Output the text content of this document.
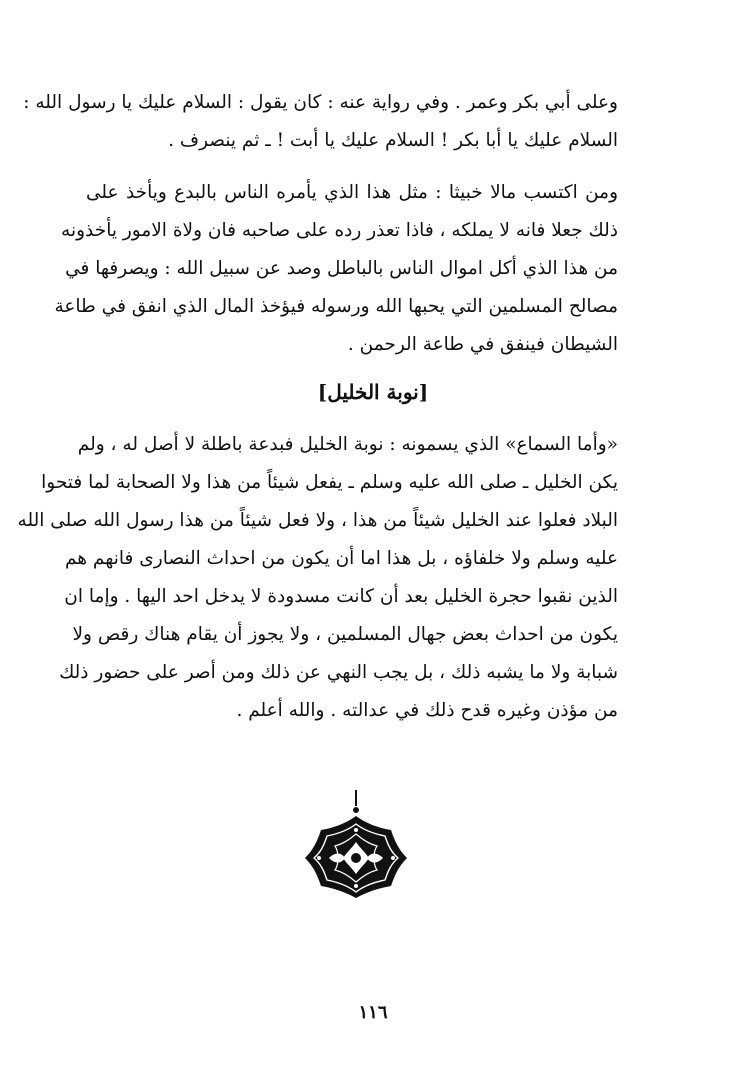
وعلى أبي بكر وعمر . وفي رواية عنه : كان يقول : السلام عليك يا رسول الله :
السلام عليك يا أبا بكر ! السلام عليك يا أبت ! ـ ثم ينصرف .
ومن اكتسب مالا خبيثا : مثل هذا الذي يأمره الناس بالبدع ويأخذ على
ذلك جعلا فانه لا يملكه ، فاذا تعذر رده على صاحبه فان ولاة الامور يأخذونه
من هذا الذي أكل اموال الناس بالباطل وصد عن سبيل الله : ويصرفها في
مصالح المسلمين التي يحبها الله ورسوله فيؤخذ المال الذي انفق في طاعة
الشيطان فينفق في طاعة الرحمن .
[نوبة الخليل]
«وأما السماع» الذي يسمونه : نوبة الخليل فبدعة باطلة لا أصل له ، ولم
يكن الخليل ـ صلى الله عليه وسلم ـ يفعل شيئاً من هذا ولا الصحابة لما فتحوا
البلاد فعلوا عند الخليل شيئاً من هذا ، ولا فعل شيئاً من هذا رسول الله صلى الله
عليه وسلم ولا خلفاؤه ، بل هذا اما أن يكون من احداث النصارى فانهم هم
الذين نقبوا حجرة الخليل بعد أن كانت مسدودة لا يدخل احد اليها . وإما ان
يكون من احداث بعض جهال المسلمين ، ولا يجوز أن يقام هناك رقص ولا
شبابة ولا ما يشبه ذلك ، بل يجب النهي عن ذلك ومن أصر على حضور ذلك
من مؤذن وغيره قدح ذلك في عدالته . والله أعلم .
١١٦
